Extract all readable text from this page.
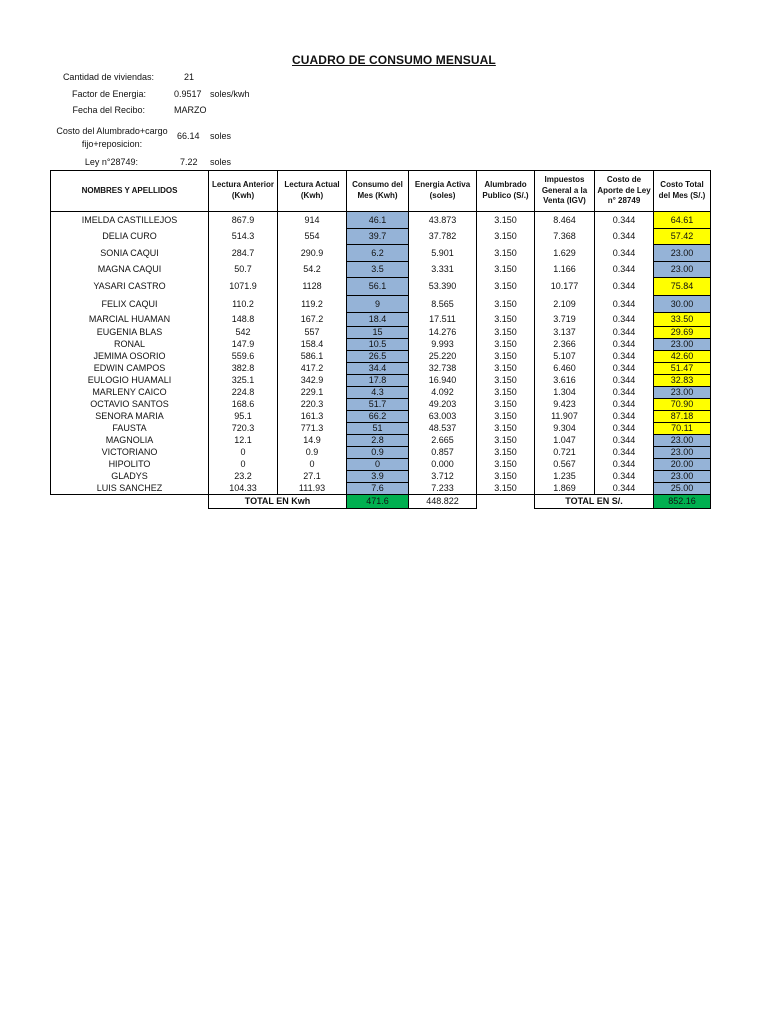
CUADRO DE CONSUMO MENSUAL
Cantidad de viviendas:	21
Factor de Energia:	0.9517 soles/kwh
Fecha del Recibo:	MARZO
Costo del Alumbrado+cargo
fijo+reposicion:
66.14 soles
Ley n°28749:	7.22 soles
NOMBRES Y APELLIDOS	Lectura Anterior (Kwh)	Lectura Actual (Kwh)	Consumo del Mes (Kwh)	Energia Activa (soles)	Alumbrado Publico (S/.)	Impuestos General a la Venta (IGV)	Costo de Aporte de Ley n° 28749	Costo Total del Mes (S/.)
IMELDA CASTILLEJOS	867.9	914	46.1	43.873	3.150	8.464	0.344	64.61
DELIA CURO	514.3	554	39.7	37.782	3.150	7.368	0.344	57.42
SONIA CAQUI	284.7	290.9	6.2	5.901	3.150	1.629	0.344	23.00
MAGNA CAQUI	50.7	54.2	3.5	3.331	3.150	1.166	0.344	23.00
YASARI CASTRO	1071.9	1128	56.1	53.390	3.150	10.177	0.344	75.84
FELIX CAQUI	110.2	119.2	9	8.565	3.150	2.109	0.344	30.00
MARCIAL HUAMAN	148.8	167.2	18.4	17.511	3.150	3.719	0.344	33.50
EUGENIA BLAS	542	557	15	14.276	3.150	3.137	0.344	29.69
RONAL	147.9	158.4	10.5	9.993	3.150	2.366	0.344	23.00
JEMIMA OSORIO	559.6	586.1	26.5	25.220	3.150	5.107	0.344	42.60
EDWIN CAMPOS	382.8	417.2	34.4	32.738	3.150	6.460	0.344	51.47
EULOGIO HUAMALI	325.1	342.9	17.8	16.940	3.150	3.616	0.344	32.83
MARLENY CAICO	224.8	229.1	4.3	4.092	3.150	1.304	0.344	23.00
OCTAVIO SANTOS	168.6	220.3	51.7	49.203	3.150	9.423	0.344	70.90
SENORA MARIA	95.1	161.3	66.2	63.003	3.150	11.907	0.344	87.18
FAUSTA	720.3	771.3	51	48.537	3.150	9.304	0.344	70.11
MAGNOLIA	12.1	14.9	2.8	2.665	3.150	1.047	0.344	23.00
VICTORIANO	0	0.9	0.9	0.857	3.150	0.721	0.344	23.00
HIPOLITO	0	0	0	0.000	3.150	0.567	0.344	20.00
GLADYS	23.2	27.1	3.9	3.712	3.150	1.235	0.344	23.00
LUIS SANCHEZ	104.33	111.93	7.6	7.233	3.150	1.869	0.344	25.00
	TOTAL EN Kwh		471.6	448.822		TOTAL EN S/.		852.16
